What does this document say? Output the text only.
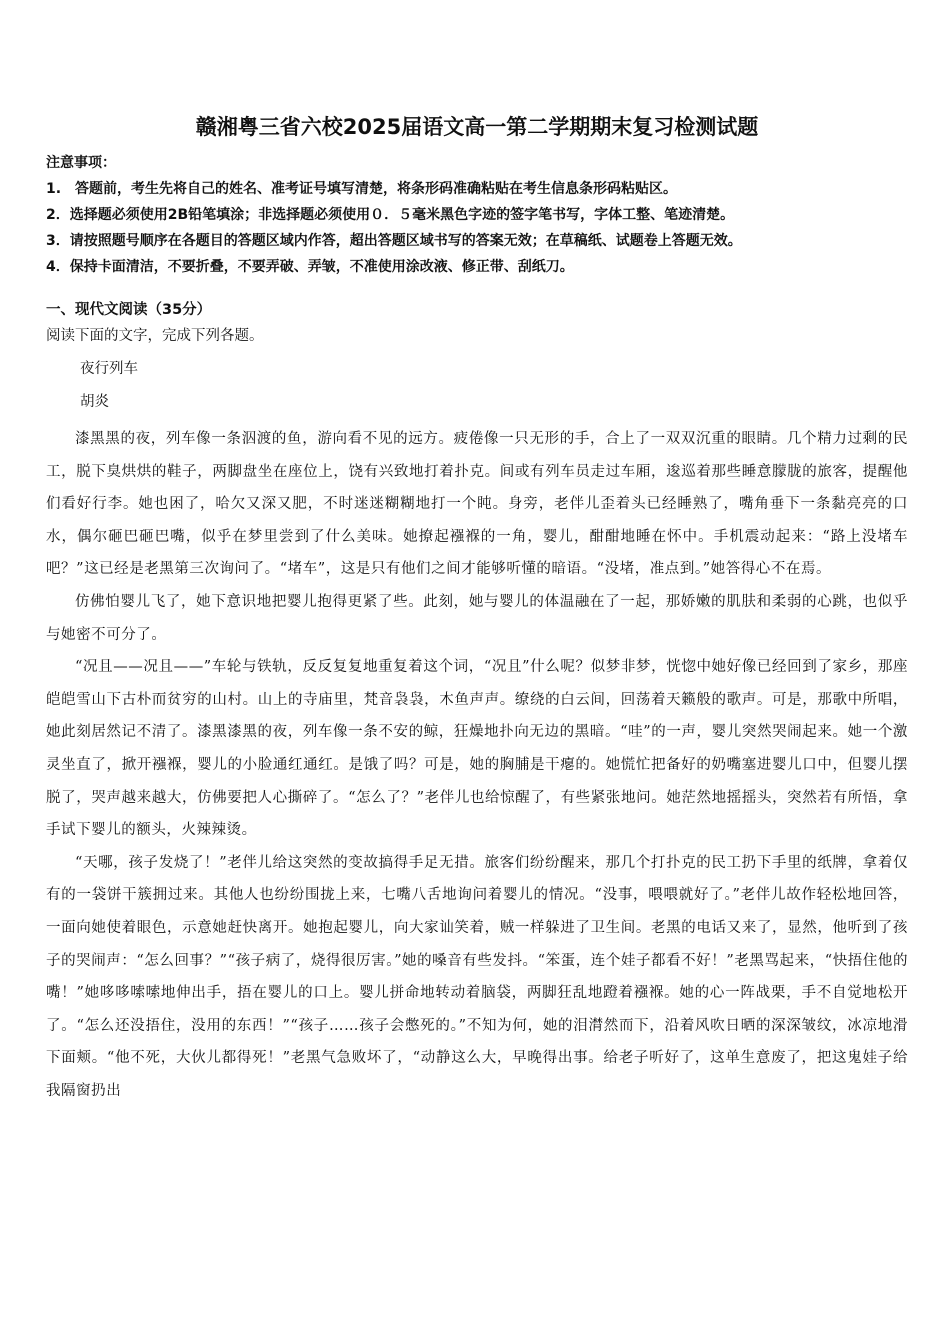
赣湘粤三省六校2025届语文高一第二学期期末复习检测试题
注意事项：
1.　答题前，考生先将自己的姓名、准考证号填写清楚，将条形码准确粘贴在考生信息条形码粘贴区。
2．选择题必须使用2B铅笔填涂；非选择题必须使用０．５毫米黑色字迹的签字笔书写，字体工整、笔迹清楚。
3．请按照题号顺序在各题目的答题区域内作答，超出答题区域书写的答案无效；在草稿纸、试题卷上答题无效。
4．保持卡面清洁，不要折叠，不要弄破、弄皱，不准使用涂改液、修正带、刮纸刀。
一、现代文阅读（35分）
阅读下面的文字，完成下列各题。
夜行列车
胡炎

漆黑黑的夜，列车像一条泅渡的鱼，游向看不见的远方。疲倦像一只无形的手，合上了一双双沉重的眼睛。几个精力过剩的民工，脱下臭烘烘的鞋子，两脚盘坐在座位上，饶有兴致地打着扑克。间或有列车员走过车厢，逡巡着那些睡意朦胧的旅客，提醒他们看好行李。她也困了，哈欠又深又肥，不时迷迷糊糊地打一个盹。身旁，老伴儿歪着头已经睡熟了，嘴角垂下一条黏亮亮的口水，偶尔砸巴砸巴嘴，似乎在梦里尝到了什么美味。她撩起襁褓的一角，婴儿，酣酣地睡在怀中。手机震动起来：“路上没堵车吧？”这已经是老黑第三次询问了。“堵车”，这是只有他们之间才能够听懂的暗语。“没堵，准点到。”她答得心不在焉。

仿佛怕婴儿飞了，她下意识地把婴儿抱得更紧了些。此刻，她与婴儿的体温融在了一起，那娇嫩的肌肤和柔弱的心跳，也似乎与她密不可分了。

“况且——况且——”车轮与铁轨，反反复复地重复着这个词，“况且”什么呢？似梦非梦，恍惚中她好像已经回到了家乡，那座皑皑雪山下古朴而贫穷的山村。山上的寺庙里，梵音袅袅，木鱼声声。缭绕的白云间，回荡着天籁般的歌声。可是，那歌中所唱，她此刻居然记不清了。漆黑漆黑的夜，列车像一条不安的鲸，狂燥地扑向无边的黑暗。“哇”的一声，婴儿突然哭闹起来。她一个激灵坐直了，掀开襁褓，婴儿的小脸通红通红。是饿了吗？可是，她的胸脯是干瘪的。她慌忙把备好的奶嘴塞进婴儿口中，但婴儿摆脱了，哭声越来越大，仿佛要把人心撕碎了。“怎么了？”老伴儿也给惊醒了，有些紧张地问。她茫然地摇摇头，突然若有所悟，拿手试下婴儿的额头，火辣辣烫。

“天哪，孩子发烧了！”老伴儿给这突然的变故搞得手足无措。旅客们纷纷醒来，那几个打扑克的民工扔下手里的纸牌，拿着仅有的一袋饼干簇拥过来。其他人也纷纷围拢上来，七嘴八舌地询问着婴儿的情况。“没事，喂喂就好了。”老伴儿故作轻松地回答，一面向她使着眼色，示意她赶快离开。她抱起婴儿，向大家讪笑着，贼一样躲进了卫生间。老黑的电话又来了，显然，他听到了孩子的哭闹声：“怎么回事？”“孩子病了，烧得很厉害。”她的嗓音有些发抖。“笨蛋，连个娃子都看不好！”老黑骂起来，“快捂住他的嘴！”她哆哆嗦嗦地伸出手，捂在婴儿的口上。婴儿拼命地转动着脑袋，两脚狂乱地蹬着襁褓。她的心一阵战栗，手不自觉地松开了。“怎么还没捂住，没用的东西！”“孩子……孩子会憋死的。”不知为何，她的泪潸然而下，沿着风吹日晒的深深皱纹，冰凉地滑下面颊。“他不死，大伙儿都得死！”老黑气急败坏了，“动静这么大，早晚得出事。给老子听好了，这单生意废了，把这鬼娃子给我隔窗扔出
